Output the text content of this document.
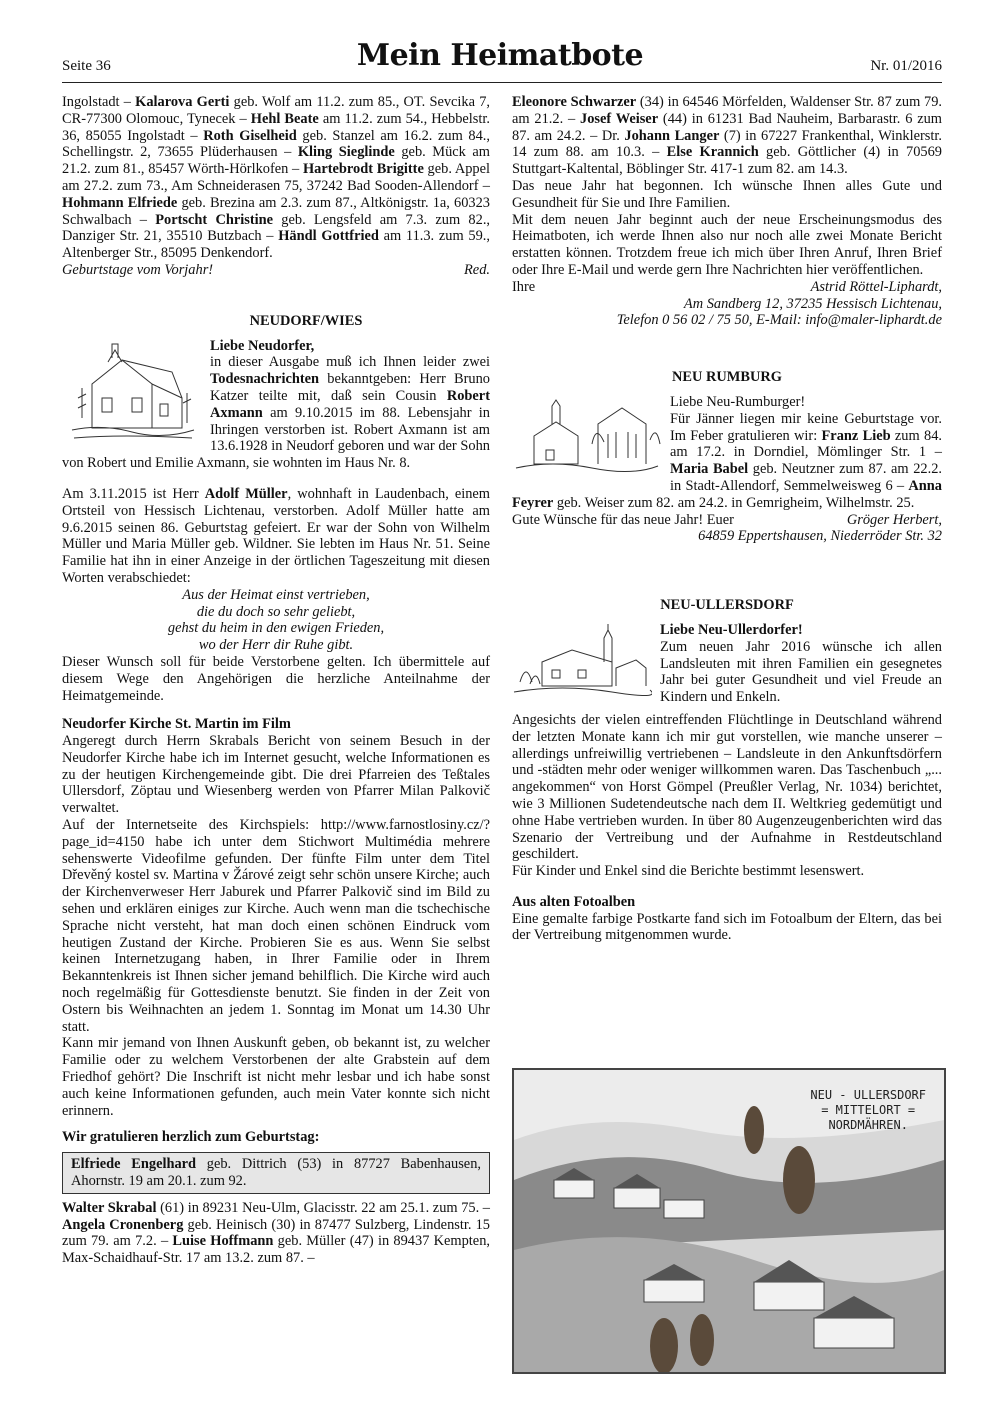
Seite 36	Mein Heimatbote	Nr. 01/2016

Ingolstadt – Kalarova Gerti geb. Wolf am 11.2. zum 85., OT. Sevcika 7, CR-77300 Olomouc, Tynecek – Hehl Beate am 11.2. zum 54., Hebbelstr. 36, 85055 Ingolstadt – Roth Giselheid geb. Stanzel am 16.2. zum 84., Schellingstr. 2, 73655 Plüderhausen – Kling Sieglinde geb. Mück am 21.2. zum 81., 85457 Wörth-Hörlkofen – Hartebrodt Brigitte geb. Appel am 27.2. zum 73., Am Schneiderasen 75, 37242 Bad Sooden-Allendorf – Hohmann Elfriede geb. Brezina am 2.3. zum 87., Altkönigstr. 1a, 60323 Schwalbach – Portscht Christine geb. Lengsfeld am 7.3. zum 82., Danziger Str. 21, 35510 Butzbach – Händl Gottfried am 11.3. zum 59., Altenberger Str., 85095 Denkendorf.

Geburtstage vom Vorjahr!	Red.
NEUDORF/WIES

Liebe Neudorfer,

in dieser Ausgabe muß ich Ihnen leider zwei Todesnachrichten bekanntgeben: Herr Bruno Katzer teilte mit, daß sein Cousin Robert Axmann am 9.10.2015 im 88. Lebensjahr in Ihringen verstorben ist. Robert Axmann ist am 13.6.1928 in Neudorf geboren und war der Sohn von Robert und Emilie Axmann, sie wohnten im Haus Nr. 8.

Am 3.11.2015 ist Herr Adolf Müller, wohnhaft in Laudenbach, einem Ortsteil von Hessisch Lichtenau, verstorben. Adolf Müller hatte am 9.6.2015 seinen 86. Geburtstag gefeiert. Er war der Sohn von Wilhelm Müller und Maria Müller geb. Wildner. Sie lebten im Haus Nr. 51. Seine Familie hat ihn in einer Anzeige in der örtlichen Tageszeitung mit diesen Worten verabschiedet:

Aus der Heimat einst vertrieben,
die du doch so sehr geliebt,
gehst du heim in den ewigen Frieden,
wo der Herr dir Ruhe gibt.

Dieser Wunsch soll für beide Verstorbene gelten. Ich übermittele auf diesem Wege den Angehörigen die herzliche Anteilnahme der Heimatgemeinde.

Neudorfer Kirche St. Martin im Film

Angeregt durch Herrn Skrabals Bericht von seinem Besuch in der Neudorfer Kirche habe ich im Internet gesucht, welche Informationen es zu der heutigen Kirchengemeinde gibt. Die drei Pfarreien des Teßtales Ullersdorf, Zöptau und Wiesenberg werden von Pfarrer Milan Palkovič verwaltet.

Auf der Internetseite des Kirchspiels: http://www.farnostlosiny.cz/?page_id=4150 habe ich unter dem Stichwort Multimédia mehrere sehenswerte Videofilme gefunden. Der fünfte Film unter dem Titel Dřevěný kostel sv. Martina v Žárové zeigt sehr schön unsere Kirche; auch der Kirchenverweser Herr Jaburek und Pfarrer Palkovič sind im Bild zu sehen und erklären einiges zur Kirche. Auch wenn man die tschechische Sprache nicht versteht, hat man doch einen schönen Eindruck vom heutigen Zustand der Kirche. Probieren Sie es aus. Wenn Sie selbst keinen Internetzugang haben, in Ihrer Familie oder in Ihrem Bekanntenkreis ist Ihnen sicher jemand behilflich. Die Kirche wird auch noch regelmäßig für Gottesdienste benutzt. Sie finden in der Zeit von Ostern bis Weihnachten an jedem 1. Sonntag im Monat um 14.30 Uhr statt.

Kann mir jemand von Ihnen Auskunft geben, ob bekannt ist, zu welcher Familie oder zu welchem Verstorbenen der alte Grabstein auf dem Friedhof gehört? Die Inschrift ist nicht mehr lesbar und ich habe sonst auch keine Informationen gefunden, auch mein Vater konnte sich nicht erinnern.

Wir gratulieren herzlich zum Geburtstag:

Elfriede Engelhard geb. Dittrich (53) in 87727 Babenhausen, Ahornstr. 19 am 20.1. zum 92.

Walter Skrabal (61) in 89231 Neu-Ulm, Glacisstr. 22 am 25.1. zum 75. – Angela Cronenberg geb. Heinisch (30) in 87477 Sulzberg, Lindenstr. 15 zum 79. am 7.2. – Luise Hoffmann geb. Müller (47) in 89437 Kempten, Max-Schaidhauf-Str. 17 am 13.2. zum 87. –

Eleonore Schwarzer (34) in 64546 Mörfelden, Waldenser Str. 87 zum 79. am 21.2. – Josef Weiser (44) in 61231 Bad Nauheim, Barbarastr. 6 zum 87. am 24.2. – Dr. Johann Langer (7) in 67227 Frankenthal, Winklerstr. 14 zum 88. am 10.3. – Else Krannich geb. Göttlicher (4) in 70569 Stuttgart-Kaltental, Böblinger Str. 417-1 zum 82. am 14.3.

Das neue Jahr hat begonnen. Ich wünsche Ihnen alles Gute und Gesundheit für Sie und Ihre Familien.

Mit dem neuen Jahr beginnt auch der neue Erscheinungsmodus des Heimatboten, ich werde Ihnen also nur noch alle zwei Monate Bericht erstatten können. Trotzdem freue ich mich über Ihren Anruf, Ihren Brief oder Ihre E-Mail und werde gern Ihre Nachrichten hier veröffentlichen.

Ihre	Astrid Röttel-Liphardt,

Am Sandberg 12, 37235 Hessisch Lichtenau,

Telefon 0 56 02 / 75 50, E-Mail: info@maler-liphardt.de

NEU RUMBURG

Liebe Neu-Rumburger!

Für Jänner liegen mir keine Geburtstage vor. Im Feber gratulieren wir: Franz Lieb zum 84. am 17.2. in Dorndiel, Mömlinger Str. 1 – Maria Babel geb. Neutzner zum 87. am 22.2. in Stadt-Allendorf, Semmelweisweg 6 – Anna Feyrer geb. Weiser zum 82. am 24.2. in Gemrigheim, Wilhelmstr. 25.

Gute Wünsche für das neue Jahr! Euer	Gröger Herbert,

64859 Eppertshausen, Niederröder Str. 32

NEU-ULLERSDORF

Liebe Neu-Ullerdorfer!

Zum neuen Jahr 2016 wünsche ich allen Landsleuten mit ihren Familien ein gesegnetes Jahr bei guter Gesundheit und viel Freude an Kindern und Enkeln.

Angesichts der vielen eintreffenden Flüchtlinge in Deutschland während der letzten Monate kann ich mir gut vorstellen, wie manche unserer – allerdings unfreiwillig vertriebenen – Landsleute in den Ankunftsdörfern und -städten mehr oder weniger willkommen waren. Das Taschenbuch „... angekommen“ von Horst Gömpel (Preußler Verlag, Nr. 1034) berichtet, wie 3 Millionen Sudetendeutsche nach dem II. Weltkrieg gedemütigt und ohne Habe vertrieben wurden. In über 80 Augenzeugenberichten wird das Szenario der Vertreibung und der Aufnahme in Restdeutschland geschildert.

Für Kinder und Enkel sind die Berichte bestimmt lesenswert.

Aus alten Fotoalben

Eine gemalte farbige Postkarte fand sich im Fotoalbum der Eltern, das bei der Vertreibung mitgenommen wurde.

NEU - ULLERSDORF
= MITTELORT =
NORDMÄHREN.
